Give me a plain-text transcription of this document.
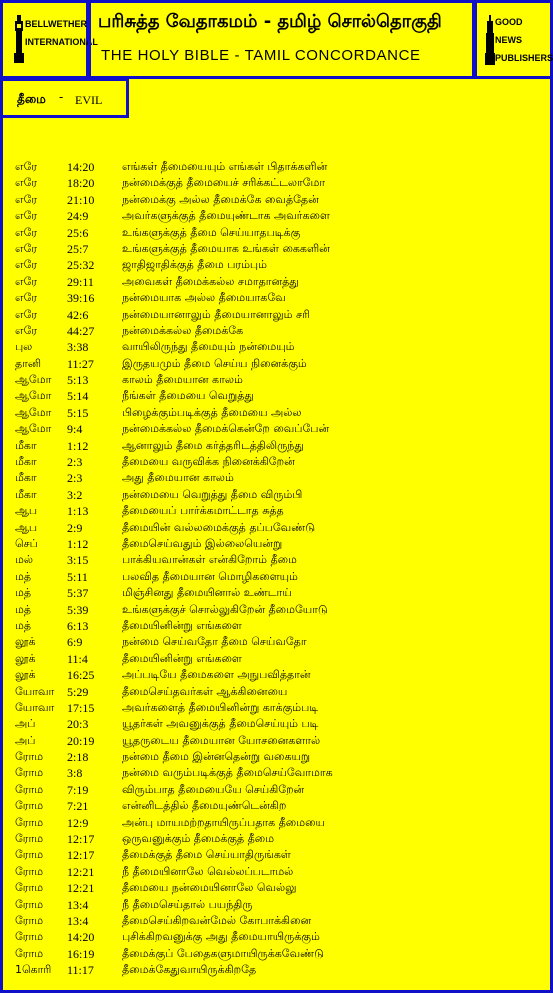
BELLWETHER
INTERNATIONAL
பரிசுத்த வேதாகமம் - தமிழ் சொல்தொகுதி
THE HOLY BIBLE - TAMIL CONCORDANCE
GOOD NEWS
PUBLISHERS
தீமை - EVIL
எரே 14:20	எங்கள் தீமையையும் எங்கள் பிதாக்களின்
எரே 18:20	நன்மைக்குத் தீமையைச் சரிக்கட்டலாமோ
எரே 21:10	நன்மைக்கு அல்ல தீமைக்கே வைத்தேன்
எரே 24:9	அவர்களுக்குத் தீமையுண்டாக அவர்களை
எரே 25:6	உங்களுக்குத் தீமை செய்யாதபடிக்கு
எரே 25:7	உங்களுக்குத் தீமையாக உங்கள் கைகளின்
எரே 25:32	ஜாதிஜாதிக்குத் தீமை பரம்பும்
எரே 29:11	அவைகள் தீமைக்கல்ல சமாதானத்து
எரே 39:16	நன்மையாக அல்ல தீமையாகவே
எரே 42:6	நன்மையானாலும் தீமையானாலும் சரி
எரே 44:27	நன்மைக்கல்ல தீமைக்கே
புல	3:38	வாயிலிருந்து தீமையும் நன்மையும்
தானி 11:27	இருதயமும் தீமை செய்ய நினைக்கும்
ஆமோ 5:13	காலம் தீமையான காலம்
ஆமோ 5:14	நீங்கள் தீமையை வெறுத்து
ஆமோ 5:15	பிழைக்கும்படிக்குத் தீமையை அல்ல
ஆமோ 9:4	நன்மைக்கல்ல தீமைக்கென்றே வைப்பேன்
மீகா	1:12	ஆனாலும் தீமை கர்த்தரிடத்திலிருந்து
மீகா	2:3	தீமையை வருவிக்க நினைக்கிறேன்
மீகா	2:3	அது தீமையான காலம்
மீகா	3:2	நன்மையை வெறுத்து தீமை விரும்பி
ஆப 1:13	தீமையைப் பார்க்கமாட்டாத சுத்த
ஆப 2:9	தீமையின் வல்லமைக்குத் தப்பவேண்டு
செப் 1:12	தீமைசெய்வதும் இல்லையென்று
மல்	3:15	பாக்கியவான்கள் என்கிறோம் தீமை
மத்	5:11	பலவித தீமையான மொழிகளையும்
மத்	5:37	மிஞ்சினது தீமையினால் உண்டாய்
மத்	5:39	உங்களுக்குச் சொல்லுகிறேன் தீமையோடு
மத்	6:13	தீமையினின்று எங்களை
லூக்	6:9	நன்மை செய்வதோ தீமை செய்வதோ
லூக்	11:4	தீமையினின்று எங்களை
லூக்	16:25	அப்படியே தீமைகளை அநுபவித்தான்
யோவா 5:29	தீமைசெய்தவர்கள் ஆக்கினையை
யோவா 17:15	அவர்களைத் தீமையினின்று காக்கும்படி
அப்	20:3	யூதர்கள் அவனுக்குத் தீமைசெய்யும் படி
அப்	20:19	யூதருடைய தீமையான யோசனைகளால்
ரோம 2:18	நன்மை தீமை இன்னதென்று வகையறு
ரோம 3:8	நன்மை வரும்படிக்குத் தீமைசெய்வோமாக
ரோம 7:19	விரும்பாத தீமையையே செய்கிறேன்
ரோம 7:21	என்னிடத்தில் தீமையுண்டென்கிற
ரோம 12:9	அன்பு மாயமற்றதாயிருப்பதாக தீமையை
ரோம 12:17	ஒருவனுக்கும் தீமைக்குத் தீமை
ரோம 12:17	தீமைக்குத் தீமை செய்யாதிருங்கள்
ரோம 12:21	நீ தீமையினாலே வெல்லப்படாமல்
ரோம 12:21	தீமையை நன்மையினாலே வெல்லு
ரோம 13:4	நீ தீமைசெய்தால் பயந்திரு
ரோம 13:4	தீமைசெய்கிறவன்மேல் கோபாக்கினை
ரோம 14:20	புசிக்கிறவனுக்கு அது தீமையாயிருக்கும்
ரோம 16:19	தீமைக்குப் பேதைகளுமாயிருக்கவேண்டு
1கொரி 11:17	தீமைக்கேதுவாயிருக்கிறதே
